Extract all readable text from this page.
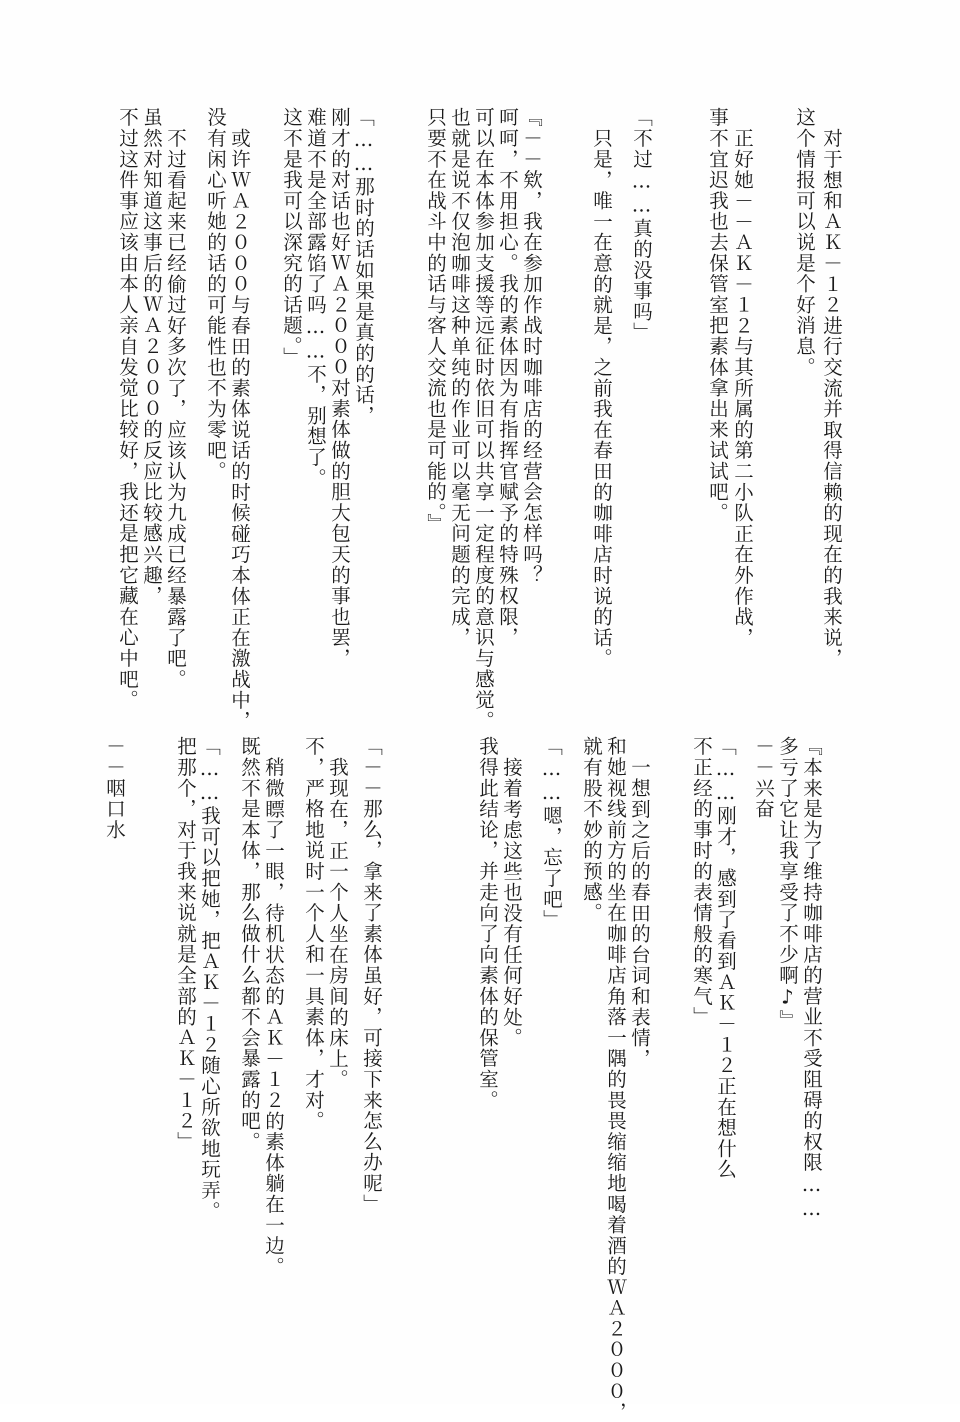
对于想和ＡＫ－１２进行交流并取得信赖的现在的我来说，
这个情报可以说是个好消息。
正好她－－ＡＫ－１２与其所属的第二小队正在外作战，
事不宜迟我也去保管室把素体拿出来试试吧。
「不过……真的没事吗」
只是，唯一在意的就是，之前我在春田的咖啡店时说的话。
『－－欸，我在参加作战时咖啡店的经营会怎样吗？
呵呵，不用担心。我的素体因为有指挥官赋予的特殊权限，
可以在本体参加支援等远征时依旧可以共享一定程度的意识与感觉。
也就是说不仅泡咖啡这种单纯的作业可以毫无问题的完成，
只要不在战斗中的话与客人交流也是可能的。』
「……那时的话如果是真的的话，
刚才的对话也好ＷＡ２０００对素体做的胆大包天的事也罢，
难道不是全部露馅了吗……不，别想了。
这不是我可以深究的话题。」
或许ＷＡ２０００与春田的素体说话的时候碰巧本体正在激战中，
没有闲心听她的话的可能性也不为零吧。
不过看起来已经偷过好多次了，应该认为九成已经暴露了吧。
虽然对知道这事后的ＷＡ２０００的反应比较感兴趣，
不过这件事应该由本人亲自发觉比较好，我还是把它藏在心中吧。
『本来是为了维持咖啡店的营业不受阻碍的权限……
多亏了它让我享受了不少啊♪』
－－兴奋
「……刚才，感到了看到ＡＫ－１２正在想什么
不正经的事时的表情般的寒气」
一想到之后的春田的台词和表情，
和她视线前方的坐在咖啡店角落一隅的畏畏缩缩地喝着酒的ＷＡ２０００，
就有股不妙的预感。
「……嗯，忘了吧」
接着考虑这些也没有任何好处。
我得此结论，并走向了向素体的保管室。
「－－那么，拿来了素体虽好，可接下来怎么办呢」
我现在，正一个人坐在房间的床上。
不，严格地说时一个人和一具素体，才对。
稍微瞟了一眼，待机状态的ＡＫ－１２的素体躺在一边。
既然不是本体，那么做什么都不会暴露的吧。
「……我可以把她，把ＡＫ－１２随心所欲地玩弄。
把那个，对于我来说就是全部的ＡＫ－１２」
－－咽口水
